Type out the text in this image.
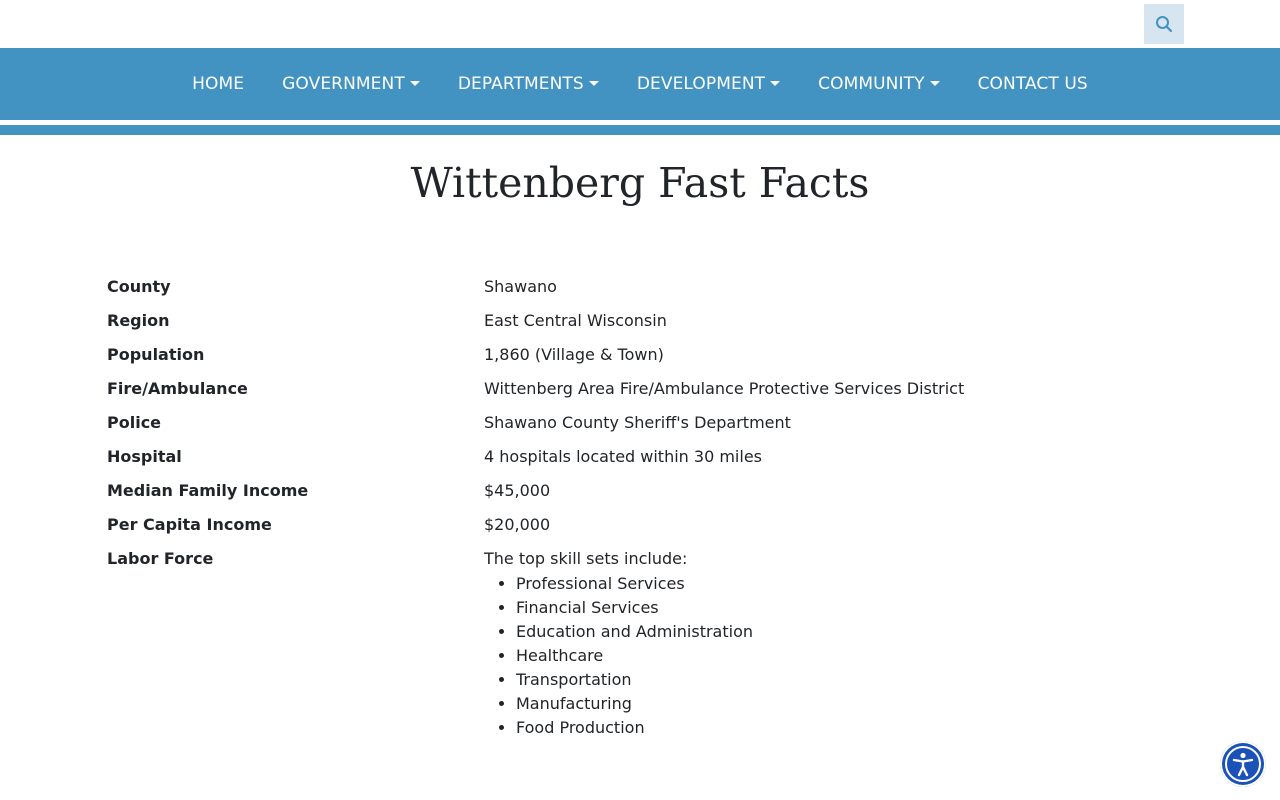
HOME GOVERNMENT	DEPARTMENTS	DEVELOPMENT	COMMUNITY	CONTACT US
Wittenberg Fast Facts
County	Shawano
Region	East Central Wisconsin
Population	1,860 (Village & Town)
Fire/Ambulance	Wittenberg Area Fire/Ambulance Protective Services District
Police	Shawano County Sheriff's Department
Hospital	4 hospitals located within 30 miles
Median Family Income	$45,000
Per Capita Income	$20,000
Labor Force	The top skill sets include:
• Professional Services
• Financial Services
• Education and Administration
• Healthcare
• Transportation
• Manufacturing
• Food Production
